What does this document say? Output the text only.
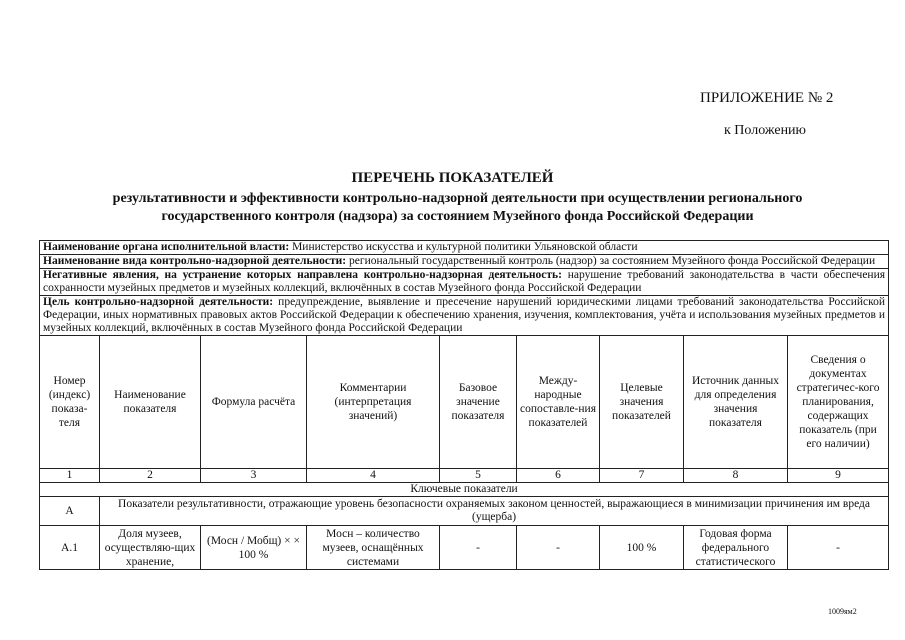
ПРИЛОЖЕНИЕ № 2
к Положению
ПЕРЕЧЕНЬ ПОКАЗАТЕЛЕЙ
результативности и эффективности контрольно-надзорной деятельности при осуществлении регионального
государственного контроля (надзора) за состоянием Музейного фонда Российской Федерации
Наименование органа исполнительной власти: Министерство искусства и культурной политики Ульяновской области								
Наименование вида контрольно-надзорной деятельности: региональный государственный контроль (надзор) за состоянием Музейного фонда Российской Федерации								
Негативные явления, на устранение которых направлена контрольно-надзорная деятельность: нарушение требований законодательства в части обеспечения сохранности музейных предметов и музейных коллекций, включённых в состав Музейного фонда Российской Федерации								
Цель контрольно-надзорной деятельности: предупреждение, выявление и пресечение нарушений юридическими лицами требований законодательства Российской Федерации, иных нормативных правовых актов Российской Федерации к обеспечению хранения, изучения, комплектования, учёта и использования музейных предметов и музейных коллекций, включённых в состав Музейного фонда Российской Федерации								
Номер (индекс) показа-теля	Наименование показателя	Формула расчёта	Комментарии (интерпретация значений)	Базовое значение показателя	Между-народные сопоставле-ния показателей	Целевые значения показателей	Источник данных для определения значения показателя	Сведения о документах стратегичес-кого планирования, содержащих показатель (при его наличии)
1	2	3	4	5	6	7	8	9
Ключевые показатели								
А	Показатели результативности, отражающие уровень безопасности охраняемых законом ценностей, выражающиеся в минимизации причинения им вреда (ущерба)							
А.1	Доля музеев, осуществляю-щих хранение,	(Мосн / Мобщ) × × 100 %	Мосн – количество музеев, оснащённых системами	-	-	100 %	Годовая форма федерального статистического	-
1009ям2
